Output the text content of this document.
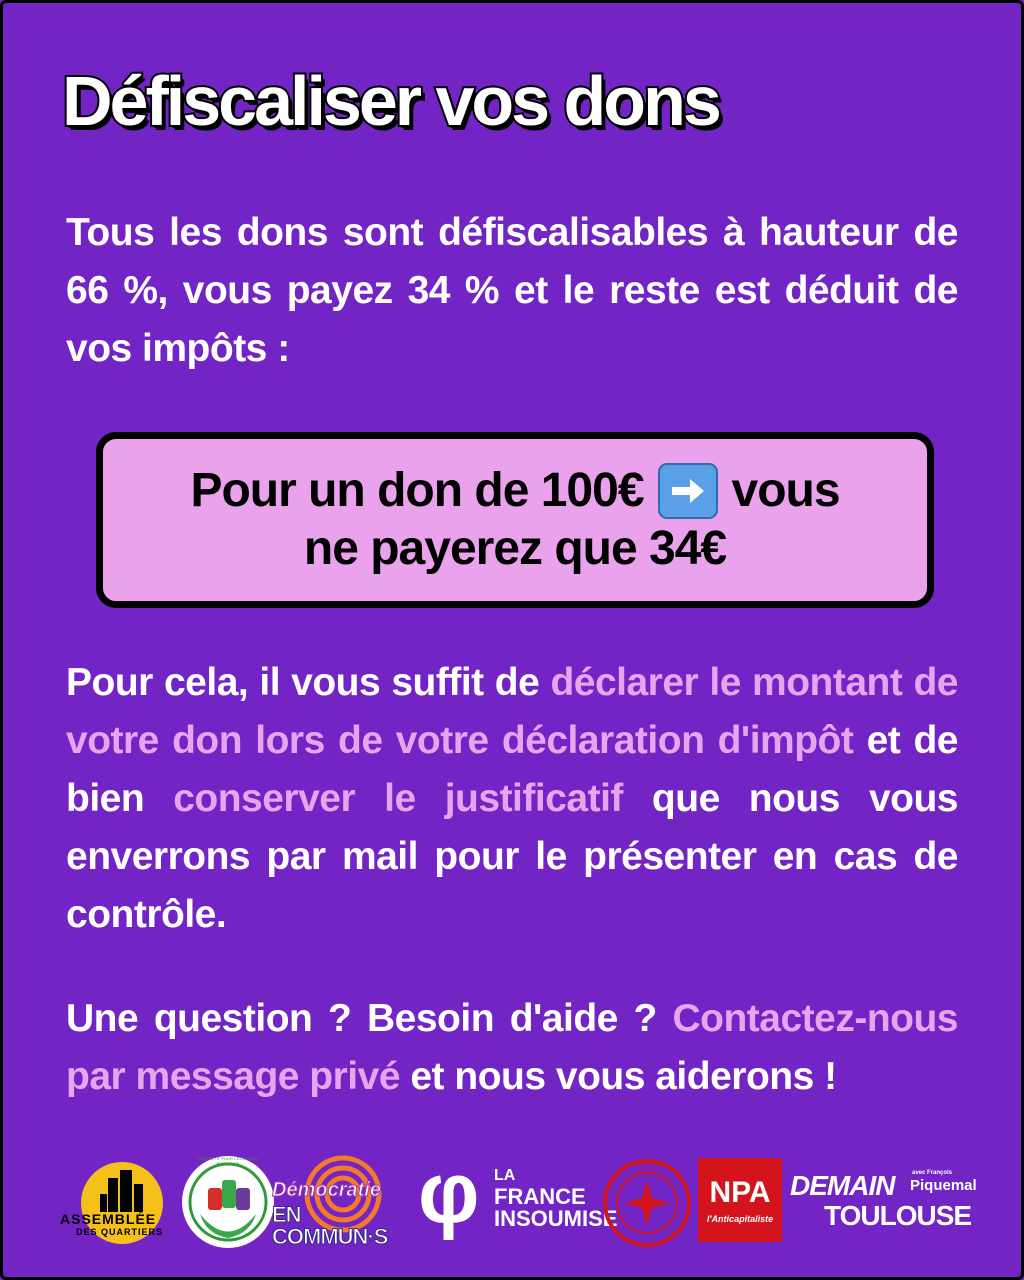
Défiscaliser vos dons
Tous les dons sont défiscalisables à hauteur de 66 %, vous payez 34 % et le reste est déduit de vos impôts :
Pour un don de 100€ vous
ne payerez que 34€
Pour cela, il vous suffit de déclarer le montant de votre don lors de votre déclaration d'impôt et de bien conserver le justificatif que nous vous enverrons par mail pour le présenter en cas de contrôle.
Une question ? Besoin d'aide ? Contactez-nous par message privé et nous vous aiderons !
ASSEMBLÉE
DES QUARTIERS
COLLECTIF POUR L'ÉCOLOGIE POPULAIRE
Démocratie
EN COMMUN·S φ LA
FRANCE
INSOUMISE
TOUS POUR TOULOUSE · OCCITANIE
NPA
l'Anticapitaliste
DEMAIN	avec François
Piquemal
TOULOUSE
